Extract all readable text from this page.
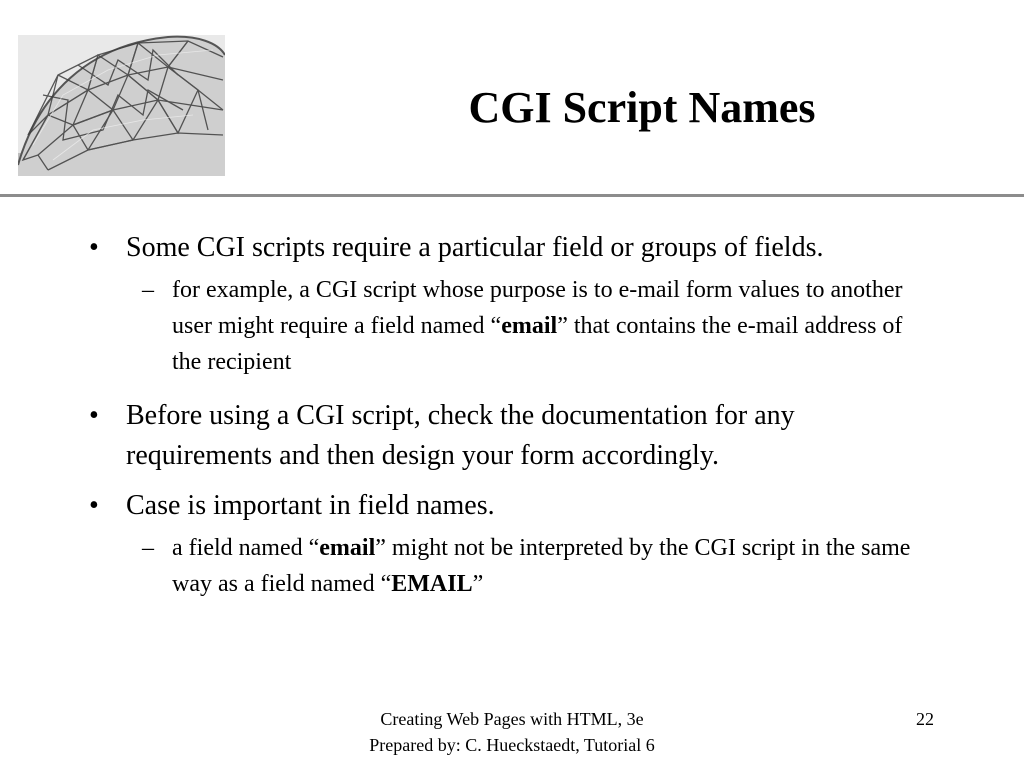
CGI Script Names
• Some CGI scripts require a particular field or groups of fields.
– for example, a CGI script whose purpose is to e-mail form values to another user might require a field named “email” that contains the e-mail address of the recipient
• Before using a CGI script, check the documentation for any requirements and then design your form accordingly.
• Case is important in field names.
– a field named “email” might not be interpreted by the CGI script in the same way as a field named “EMAIL”
Creating Web Pages with HTML, 3e
Prepared by: C. Hueckstaedt, Tutorial 6
22
